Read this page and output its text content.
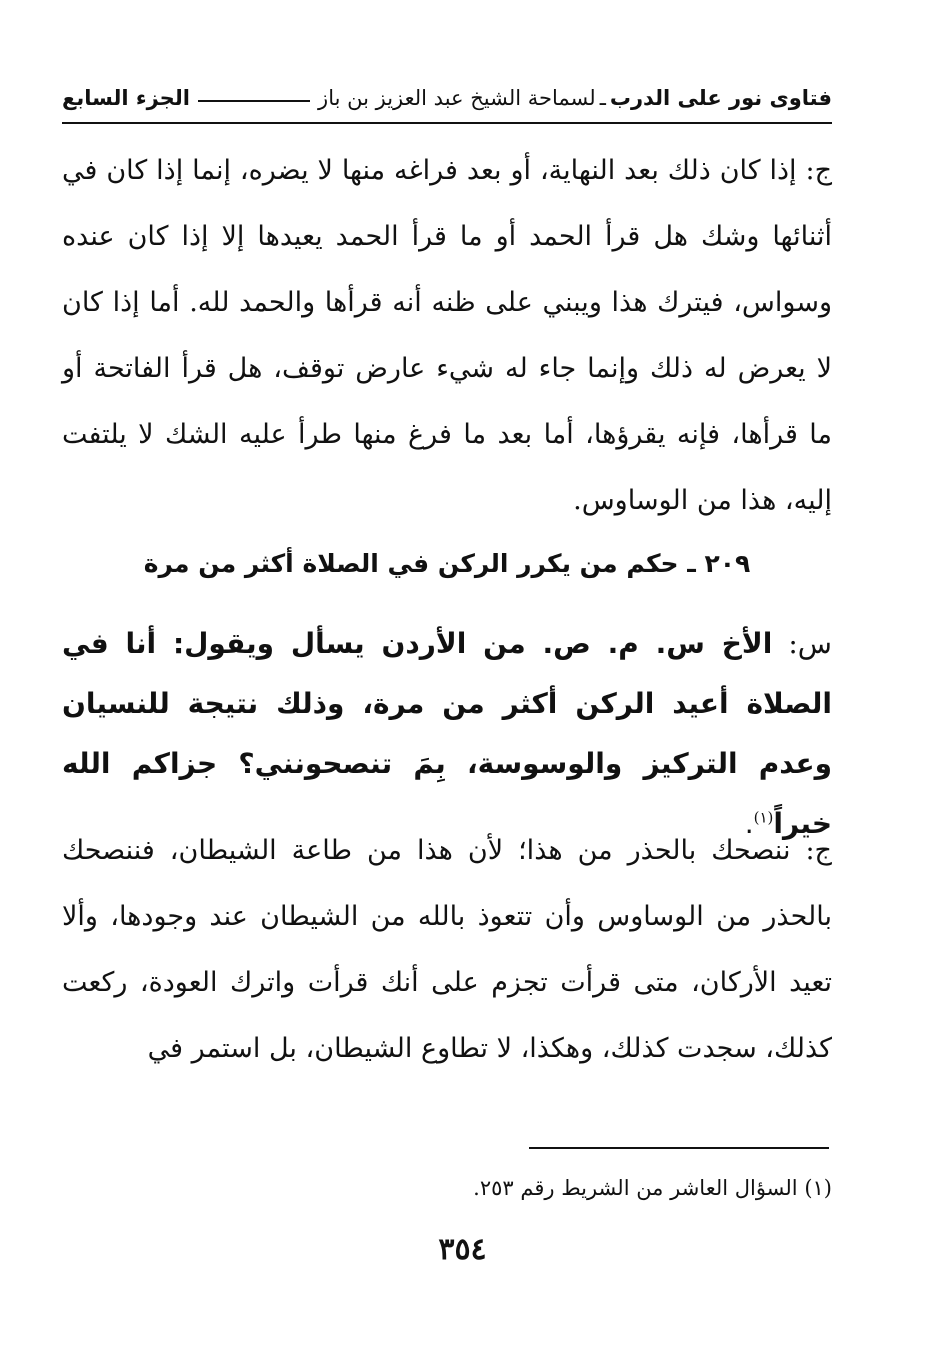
فتاوى نور على الدرب
ـ
لسماحة الشيخ عبد العزيز بن باز
الجزء السابع

ج: إذا كان ذلك بعد النهاية، أو بعد فراغه منها لا يضره، إنما إذا كان في أثنائها وشك هل قرأ الحمد أو ما قرأ الحمد يعيدها إلا إذا كان عنده وسواس، فيترك هذا ويبني على ظنه أنه قرأها والحمد لله. أما إذا كان لا يعرض له ذلك وإنما جاء له شيء عارض توقف، هل قرأ الفاتحة أو ما قرأها، فإنه يقرؤها، أما بعد ما فرغ منها طرأ عليه الشك لا يلتفت إليه، هذا من الوساوس.

٢٠٩ ـ حكم من يكرر الركن في الصلاة أكثر من مرة
س: الأخ س. م. ص. من الأردن يسأل ويقول: أنا في الصلاة أعيد الركن أكثر من مرة، وذلك نتيجة للنسيان وعدم التركيز والوسوسة، بِمَ تنصحونني؟ جزاكم الله خيراً$^{(١)}$.

ج: ننصحك بالحذر من هذا؛ لأن هذا من طاعة الشيطان، فننصحك بالحذر من الوساوس وأن تتعوذ بالله من الشيطان عند وجودها، وألا تعيد الأركان، متى قرأت تجزم على أنك قرأت واترك العودة، ركعت كذلك، سجدت كذلك، وهكذا، لا تطاوع الشيطان، بل استمر في

(١) السؤال العاشر من الشريط رقم ٢٥٣.
٣٥٤
